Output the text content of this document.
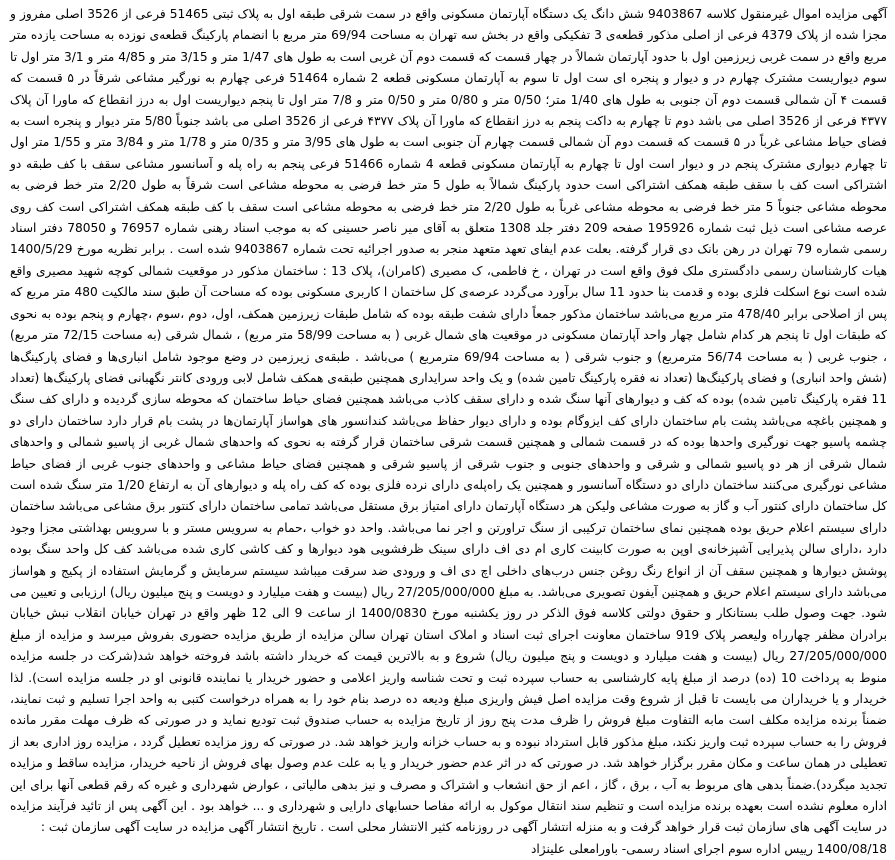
آگهی مزایده اموال غیرمنقول کلاسه 9403867 شش دانگ یک دستگاه آپارتمان مسکونی واقع در سمت شرقی طبقه اول به پلاک ثبتی 51465 فرعی از 3526 اصلی مفروز و مجزا شده از پلاک 4379 فرعی از اصلی مذکور قطعه‌ی 3 تفکیکی واقع در بخش سه تهران به مساحت 69/94 متر مربع با انضمام پارکینگ قطعه‌ی نوزده به مساحت یازده متر مربع واقع در سمت غربی زیرزمین اول با حدود آپارتمان شمالاً در چهار قسمت که قسمت دوم آن غربی است به طول های 1/47 متر و 3/15 متر و 4/85 متر و 3/1 متر اول تا سوم دیواریست مشترک چهارم در و دیوار و پنجره ای ست اول تا سوم به آپارتمان مسکونی قطعه 2 شماره 51464 فرعی چهارم به نورگیر مشاعی شرقاً در ۵ قسمت که قسمت ۴ آن شمالی قسمت دوم آن جنوبی به طول های 1/40 متر؛ 0/50 متر و 0/80 متر و 0/50 متر و 7/8 متر اول تا پنجم دیواریست اول به درز انقطاع که ماورا آن پلاک ۴۳۷۷ فرعی از 3526 اصلی می باشد دوم تا چهارم به داکت پنجم به درز انقطاع که ماورا آن پلاک ۴۳۷۷ فرعی از 3526 اصلی می باشد جنوباً 5/80 متر دیوار و پنجره است به فضای حیاط مشاعی غرباً در ۵ قسمت که قسمت دوم آن شمالی قسمت چهارم آن جنوبی است به طول های 3/95 متر و 0/35 متر و 1/78 متر و 3/84 متر و 1/55 متر اول تا چهارم دیواری مشترک پنجم در و دیوار است اول تا چهارم به آپارتمان مسکونی قطعه 4 شماره 51466 فرعی پنجم به راه پله و آسانسور مشاعی سقف با کف طبقه دو اشتراکی است کف با سقف طبقه همکف اشتراکی است حدود پارکینگ شمالاً به طول 5 متر خط فرضی به محوطه مشاعی است شرقاً به طول 2/20 متر خط فرضی به محوطه مشاعی جنوباً 5 متر خط فرضی به محوطه مشاعی غرباً به طول 2/20 متر خط فرضی به محوطه مشاعی است سقف با کف طبقه همکف اشتراکی است کف روی عرصه مشاعی است ذیل ثبت شماره 195926 صفحه 209 دفتر جلد 1308 متعلق به آقای میر ناصر حسینی که به موجب اسناد رهنی شماره 76957 و 78050 دفتر اسناد رسمی شماره 79 تهران در رهن بانک دی قرار گرفته. بعلت عدم ایفای تعهد متعهد منجر به صدور اجرائیه تحت شماره 9403867 شده است . برابر نظریه مورخ 1400/5/29 هیات کارشناسان رسمی دادگستری ملک فوق واقع است در تهران ، خ فاطمی، ک مصیری (کامران)، پلاک 13 : ساختمان مذکور در موقعیت شمالی کوچه شهید مصیری واقع شده است نوع اسکلت فلزی بوده و قدمت بنا حدود 11 سال برآورد می‌گردد عرصه‌ی کل ساختمان ا کاربری مسکونی بوده که مساحت آن طبق سند مالکیت 480 متر مربع که پس از اصلاحی برابر 478/40 متر مربع می‌باشد ساختمان مذکور جمعاً دارای شفت طبقه بوده که شامل طبقات زیرزمین همکف، اول، دوم ،سوم ،چهارم و پنجم بوده به نحوی که طبقات اول تا پنجم هر کدام شامل چهار واحد آپارتمان مسکونی در موقعیت های شمال غربی ( به مساحت 58/99 متر مربع) ، شمال شرقی (به مساحت 72/15 متر مربع) ، جنوب غربی ( به مساحت 56/74 مترمربع) و جنوب شرقی ( به مساحت 69/94 مترمربع ) می‌باشد . طبقه‌ی زیرزمین در وضع موجود شامل انباری‌ها و فضای پارکینگ‌ها (شش واحد انباری) و فضای پارکینگ‌ها (تعداد نه فقره پارکینگ تامین شده) و یک واحد سرایداری همچنین طبقه‌ی همکف شامل لابی ورودی کانتر نگهبانی فضای پارکینگ‌ها (تعداد 11 فقره پارکینگ تامین شده) بوده که کف و دیوارهای آنها سنگ شده و دارای سقف کاذب می‌باشد همچنین فضای حیاط ساختمان که محوطه سازی گردیده و دارای کف سنگ و همچنین باغچه می‌باشد پشت بام ساختمان دارای کف ایزوگام بوده و دارای دیوار حفاظ می‌باشد کندانسور های هواساز آپارتمان‌ها در پشت بام قرار دارد ساختمان دارای دو چشمه پاسیو جهت نورگیری واحدها بوده که در قسمت شمالی و همچنین قسمت شرقی ساختمان قرار گرفته به نحوی که واحدهای شمال غربی از پاسیو شمالی و واحدهای شمال شرقی از هر دو پاسیو شمالی و شرقی و واحدهای جنوبی و جنوب شرقی از پاسیو شرقی و همچنین فضای حیاط مشاعی و واحدهای جنوب غربی از فضای حیاط مشاعی نورگیری می‌کنند ساختمان دارای دو دستگاه آسانسور و همچنین یک راه‌پله‌ی دارای نرده فلزی بوده که کف راه پله و دیوارهای آن به ارتفاع 1/20 متر سنگ شده است کل ساختمان دارای کنتور آب و گاز به صورت مشاعی ولیکن هر دستگاه آپارتمان دارای امتیاز برق مستقل می‌باشد تمامی ساختمان دارای کنتور برق مشاعی می‌باشد ساختمان دارای سیستم اعلام حریق بوده همچنین نمای ساختمان ترکیبی از سنگ تراورتن و اجر نما می‌باشد. واحد دو خواب ،حمام به سرویس مستر و با سرویس بهداشتی مجزا وجود دارد ،دارای سالن پذیرایی آشپزخانه‌ی اوپن به صورت کابینت کاری ام دی اف دارای سینک ظرفشویی هود دیوارها و کف کاشی کاری شده می‌باشد کف کل واحد سنگ بوده پوشش دیوارها و همچنین سقف آن از انواع رنگ روغن جنس درب‌های داخلی اچ دی اف و ورودی ضد سرقت میباشد سیستم سرمایش و گرمایش استفاده از پکیج و هواساز می‌باشد دارای سیستم اعلام حریق و همچنین آیفون تصویری می‌باشد. به مبلغ 27/205/000/000 ریال (بیست و هفت میلیارد و دویست و پنج میلیون ریال) ارزیابی و تعیین می شود. جهت وصول طلب بستانکار و حقوق دولتی کلاسه فوق الذکر در روز یکشنبه مورخ 1400/0830 از ساعت 9 الی 12 ظهر واقع در تهران خیابان انقلاب نبش خیابان برادران مظفر چهارراه ولیعصر پلاک 919 ساختمان معاونت اجرای ثبت اسناد و املاک استان تهران سالن مزایده از طریق مزایده حضوری بفروش میرسد و مزایده از مبلغ 27/205/000/000 ریال (بیست و هفت میلیارد و دویست و پنج میلیون ریال) شروع و به بالاترین قیمت که خریدار داشته باشد فروخته خواهد شد(شرکت در جلسه مزایده منوط به پرداخت 10 (ده) درصد از مبلغ پایه کارشناسی به حساب سپرده ثبت و تحت شناسه واریز اعلامی و حضور خریدار یا نماینده قانونی او در جلسه مزایده است). لذا خریدار و یا خریداران می بایست تا قبل از شروع وقت مزایده اصل فیش واریزی مبلغ ودیعه ده درصد بنام خود را به همراه درخواست کتبی به واحد اجرا تسلیم و ثبت نمایند، ضمناً برنده مزایده مکلف است مابه التفاوت مبلغ فروش را ظرف مدت پنج روز از تاریخ مزایده به حساب صندوق ثبت تودیع نماید و در صورتی که ظرف مهلت مقرر مانده فروش را به حساب سپرده ثبت واریز نکند، مبلغ مذکور قابل استرداد نبوده و به حساب خزانه واریز خواهد شد. در صورتی که روز مزایده تعطیل گردد ، مزایده روز اداری بعد از تعطیلی در همان ساعت و مکان مقرر برگزار خواهد شد. در صورتی که در اثر عدم حضور خریدار و یا به علت عدم وصول بهای فروش از ناحیه خریدار، مزایده ساقط و مزایده تجدید میگردد).ضمناً بدهی های مربوط به آب ، برق ، گاز ، اعم از حق انشعاب و اشتراک و مصرف و نیز بدهی مالیاتی ، عوارض شهرداری و غیره که رقم قطعی آنها برای این اداره معلوم نشده است بعهده برنده مزایده است و تنظیم سند انتقال موکول به ارائه مفاصا حسابهای دارایی و شهرداری و ... خواهد بود . این آگهی پس از تائید فرآیند مزایده در سایت آگهی های سازمان ثبت قرار خواهد گرفت و به منزله انتشار آگهی در روزنامه کثیر الانتشار محلی است . تاریخ انتشار آگهی مزایده در سایت آگهی سازمان ثبت :

1400/08/18 رییس اداره سوم اجرای اسناد رسمی- باورامعلی علینژاد
